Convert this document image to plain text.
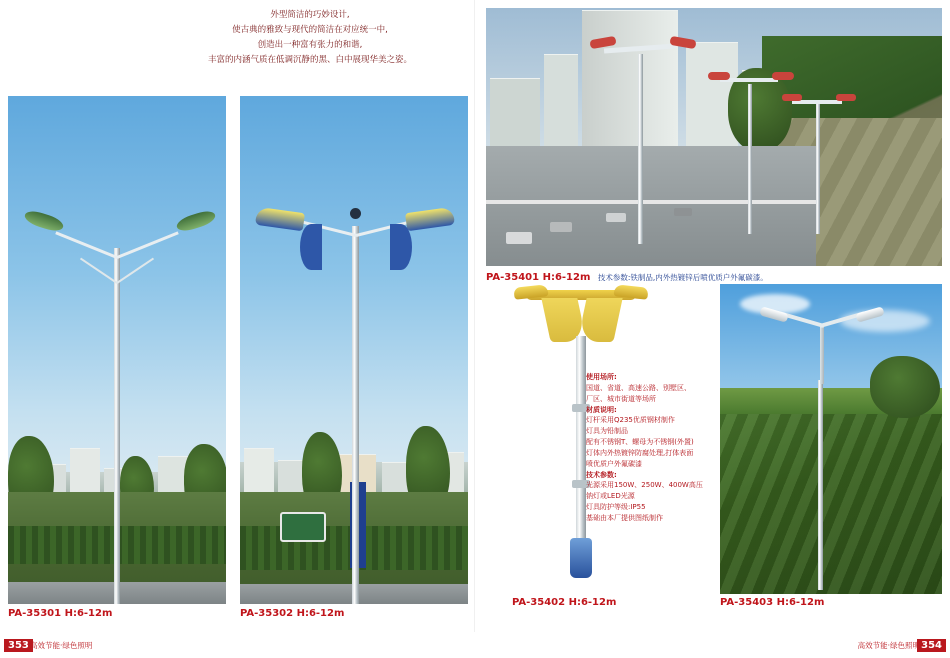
外型简洁的巧妙设计,
使古典的雅致与现代的简洁在对应统一中,
创造出一种富有张力的和谐,
丰富的内涵气质在低调沉静的黑、白中展现华美之姿。
PA-35301 H:6-12m	PA-35302 H:6-12m
PA-35401 H:6-12m 技术参数:铁制品,内外热镀锌后喷优质户外氟碳漆。
PA-35402 H:6-12m
使用场所:
国道、省道、高速公路、别墅区、
厂区、城市街道等场所
材质说明:
灯杆采用Q235优质钢材制作
灯具为铅制品
配有不锈钢T、螺母为不锈钢(外置)
灯体内外热镀锌防腐处理,打体表面
喷优质户外氟碳漆
技术参数:
光源采用150W、250W、400W高压
钠灯或LED光源
灯具防护等级:IP55
基础由本厂提供图纸制作
PA-35403 H:6-12m
353 高效节能·绿色照明	354
高效节能·绿色照明
